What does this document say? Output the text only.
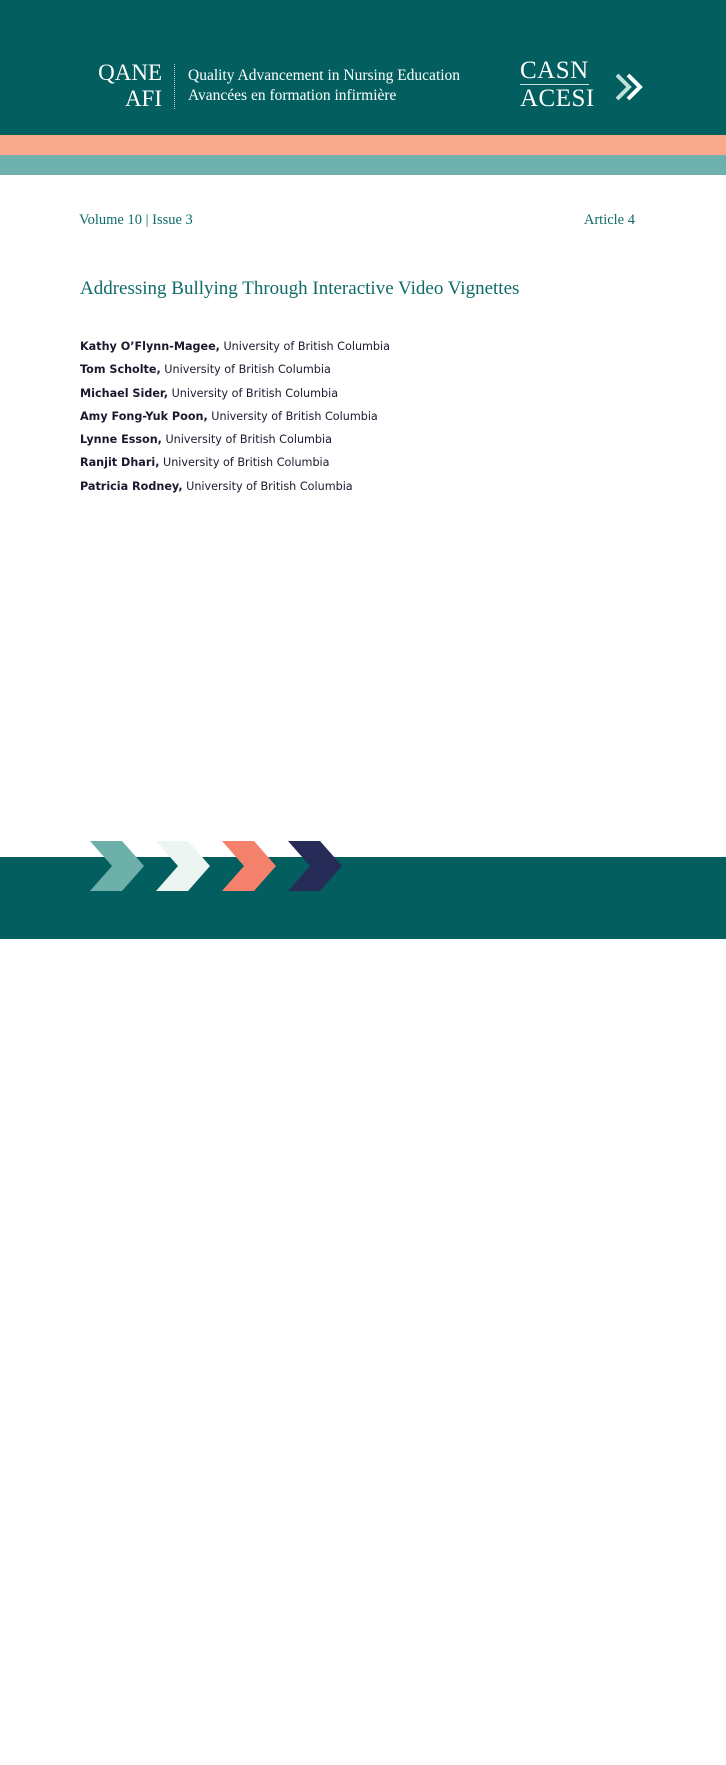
QANE
AFI
Quality Advancement in Nursing Education
Avancées en formation infirmière
CASN
ACESI
Volume 10 | Issue 3	Article 4
Addressing Bullying Through Interactive Video Vignettes
Kathy O’Flynn-Magee, University of British Columbia
Tom Scholte, University of British Columbia
Michael Sider, University of British Columbia
Amy Fong-Yuk Poon, University of British Columbia
Lynne Esson, University of British Columbia
Ranjit Dhari, University of British Columbia
Patricia Rodney, University of British Columbia
CC BY-NC-ND 4.0
